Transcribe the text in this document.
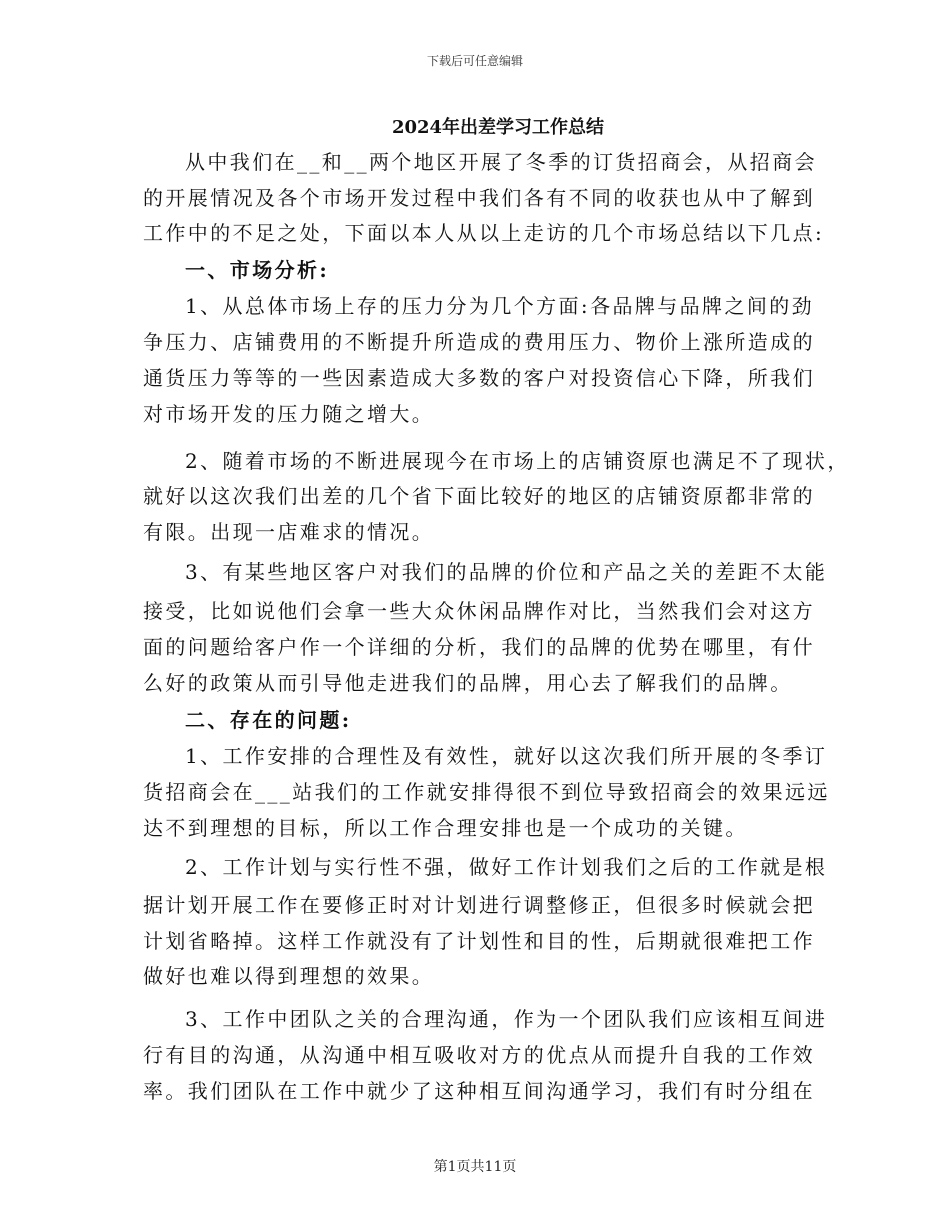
下载后可任意编辑
2024年出差学习工作总结
从中我们在__和__两个地区开展了冬季的订货招商会，从招商会
的开展情况及各个市场开发过程中我们各有不同的收获也从中了解到
工作中的不足之处，下面以本人从以上走访的几个市场总结以下几点:
一、市场分析:
1、从总体市场上存的压力分为几个方面:各品牌与品牌之间的劲
争压力、店铺费用的不断提升所造成的费用压力、物价上涨所造成的
通货压力等等的一些因素造成大多数的客户对投资信心下降，所我们
对市场开发的压力随之增大。
2、随着市场的不断进展现今在市场上的店铺资原也满足不了现状，
就好以这次我们出差的几个省下面比较好的地区的店铺资原都非常的
有限。出现一店难求的情况。
3、有某些地区客户对我们的品牌的价位和产品之关的差距不太能
接受，比如说他们会拿一些大众休闲品牌作对比，当然我们会对这方
面的问题给客户作一个详细的分析，我们的品牌的优势在哪里，有什
么好的政策从而引导他走进我们的品牌，用心去了解我们的品牌。
二、存在的问题:
1、工作安排的合理性及有效性，就好以这次我们所开展的冬季订
货招商会在___站我们的工作就安排得很不到位导致招商会的效果远远
达不到理想的目标，所以工作合理安排也是一个成功的关键。
2、工作计划与实行性不强，做好工作计划我们之后的工作就是根
据计划开展工作在要修正时对计划进行调整修正，但很多时候就会把
计划省略掉。这样工作就没有了计划性和目的性，后期就很难把工作
做好也难以得到理想的效果。
3、工作中团队之关的合理沟通，作为一个团队我们应该相互间进
行有目的沟通，从沟通中相互吸收对方的优点从而提升自我的工作效
率。我们团队在工作中就少了这种相互间沟通学习，我们有时分组在
第1页共11页
